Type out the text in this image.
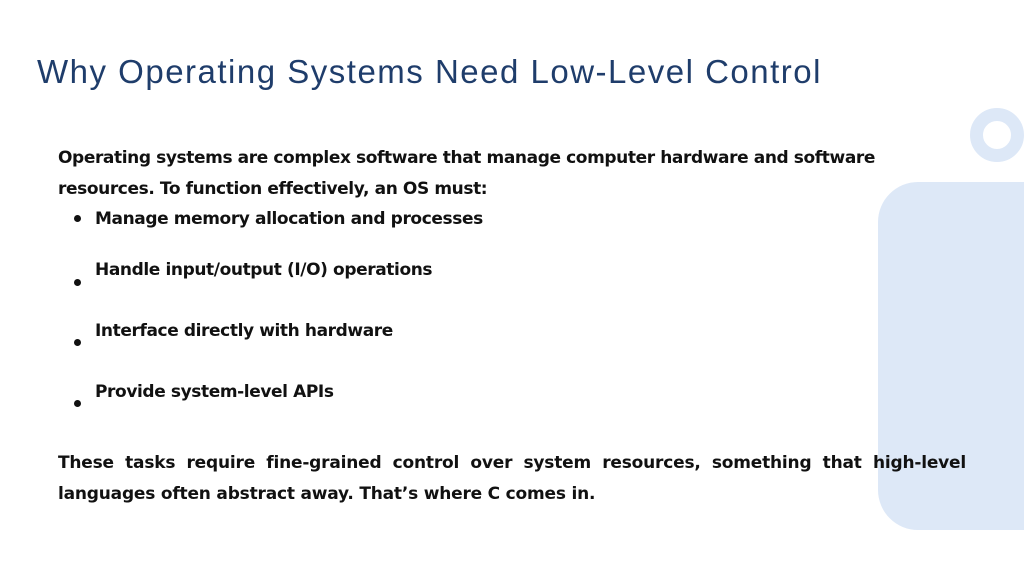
Why Operating Systems Need Low-Level Control

Operating systems are complex software that manage computer hardware and software resources. To function effectively, an OS must:

Manage memory allocation and processes
Handle input/output (I/O) operations
Interface directly with hardware
Provide system-level APIs

These tasks require fine-grained control over system resources, something that high-level languages often abstract away. That’s where C comes in.
